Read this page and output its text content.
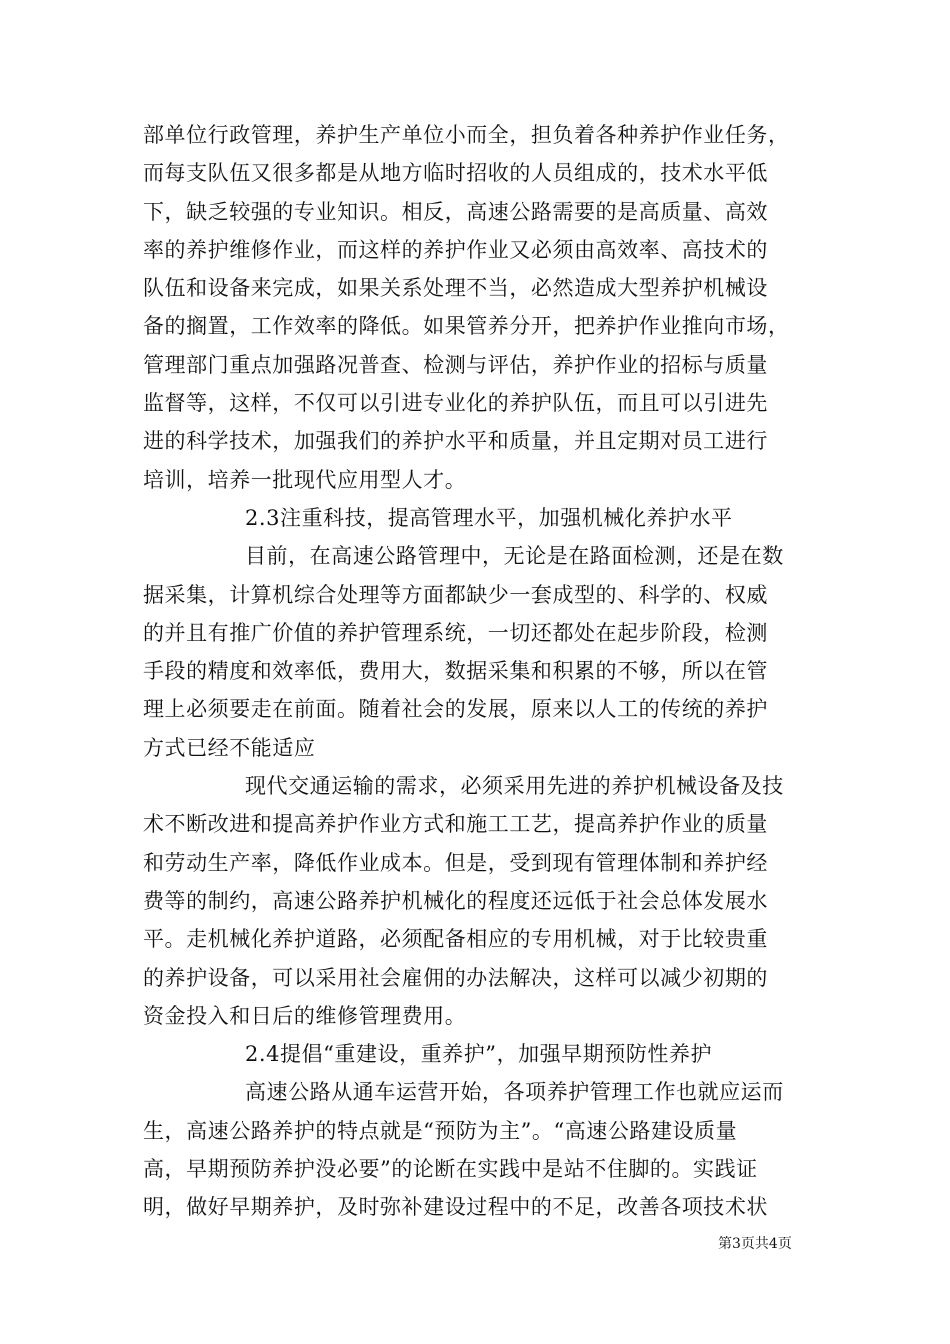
部单位行政管理，养护生产单位小而全，担负着各种养护作业任务，
而每支队伍又很多都是从地方临时招收的人员组成的，技术水平低
下，缺乏较强的专业知识。相反，高速公路需要的是高质量、高效
率的养护维修作业，而这样的养护作业又必须由高效率、高技术的
队伍和设备来完成，如果关系处理不当，必然造成大型养护机械设
备的搁置，工作效率的降低。如果管养分开，把养护作业推向市场，
管理部门重点加强路况普查、检测与评估，养护作业的招标与质量
监督等，这样，不仅可以引进专业化的养护队伍，而且可以引进先
进的科学技术，加强我们的养护水平和质量，并且定期对员工进行
培训，培养一批现代应用型人才。
2.3注重科技，提高管理水平，加强机械化养护水平
目前，在高速公路管理中，无论是在路面检测，还是在数
据采集，计算机综合处理等方面都缺少一套成型的、科学的、权威
的并且有推广价值的养护管理系统，一切还都处在起步阶段，检测
手段的精度和效率低，费用大，数据采集和积累的不够，所以在管
理上必须要走在前面。随着社会的发展，原来以人工的传统的养护
方式已经不能适应
现代交通运输的需求，必须采用先进的养护机械设备及技
术不断改进和提高养护作业方式和施工工艺，提高养护作业的质量
和劳动生产率，降低作业成本。但是，受到现有管理体制和养护经
费等的制约，高速公路养护机械化的程度还远低于社会总体发展水
平。走机械化养护道路，必须配备相应的专用机械，对于比较贵重
的养护设备，可以采用社会雇佣的办法解决，这样可以减少初期的
资金投入和日后的维修管理费用。
2.4提倡“重建设，重养护”，加强早期预防性养护
高速公路从通车运营开始，各项养护管理工作也就应运而
生，高速公路养护的特点就是“预防为主”。“高速公路建设质量
高，早期预防养护没必要”的论断在实践中是站不住脚的。实践证
明，做好早期养护，及时弥补建设过程中的不足，改善各项技术状
第3页共4页
